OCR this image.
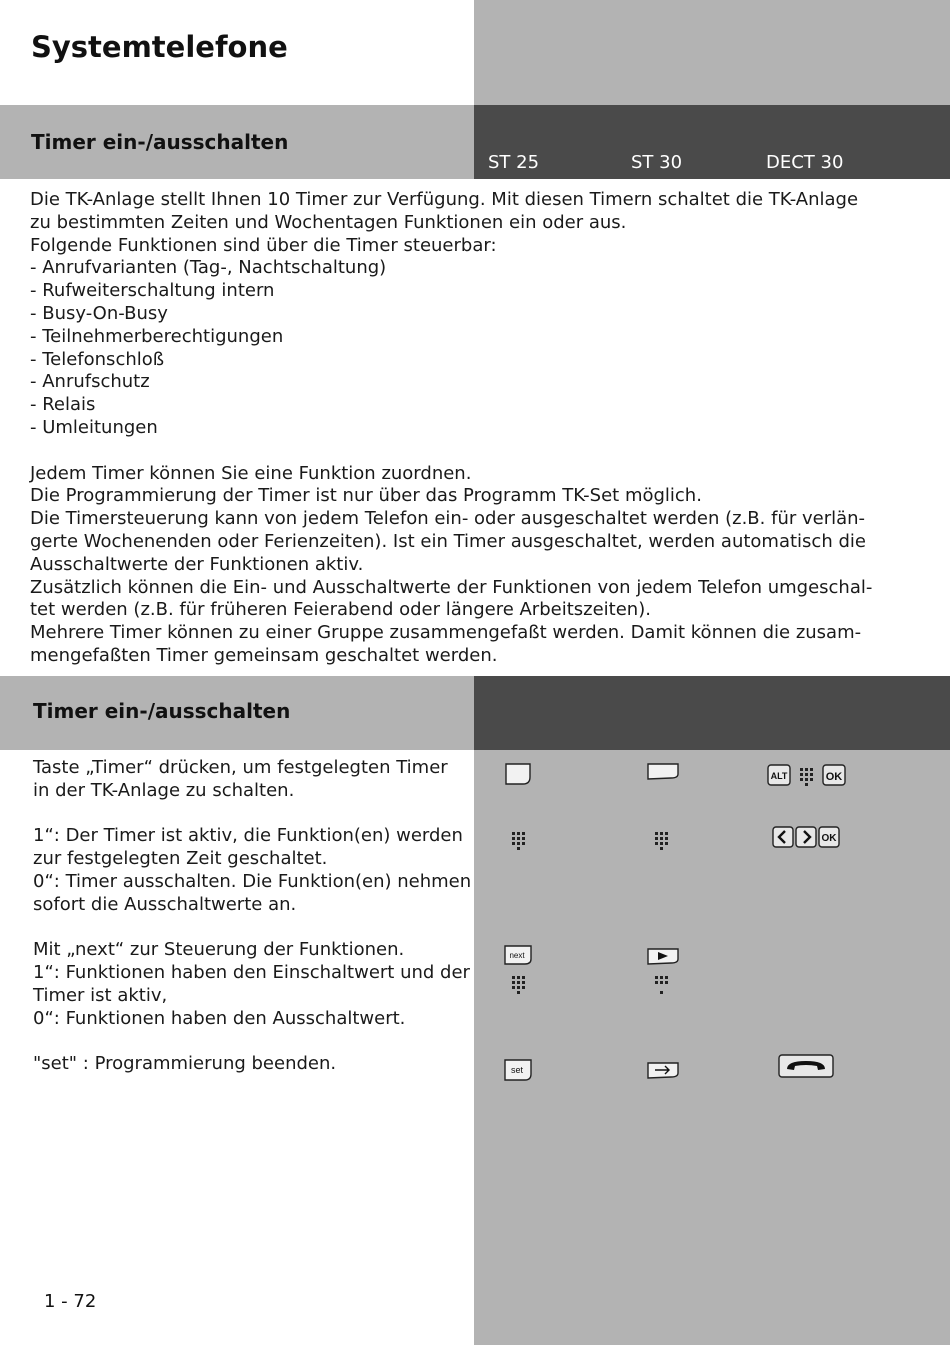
Systemtelefone
Timer ein-/ausschalten
ST 25	ST 30	DECT 30

Die TK-Anlage stellt Ihnen 10 Timer zur Verfügung. Mit diesen Timern schaltet die TK-Anlage

zu bestimmten Zeiten und Wochentagen Funktionen ein oder aus.

Folgende Funktionen sind über die Timer steuerbar:

- Anrufvarianten (Tag-, Nachtschaltung)

- Rufweiterschaltung intern

- Busy-On-Busy

- Teilnehmerberechtigungen

- Telefonschloß

- Anrufschutz

- Relais

- Umleitungen

Jedem Timer können Sie eine Funktion zuordnen.

Die Programmierung der Timer ist nur über das Programm TK-Set möglich.

Die Timersteuerung kann von jedem Telefon ein- oder ausgeschaltet werden (z.B. für verlän-

gerte Wochenenden oder Ferienzeiten). Ist ein Timer ausgeschaltet, werden automatisch die

Ausschaltwerte der Funktionen aktiv.

Zusätzlich können die Ein- und Ausschaltwerte der Funktionen von jedem Telefon umgeschal-

tet werden (z.B. für früheren Feierabend oder längere Arbeitszeiten).

Mehrere Timer können zu einer Gruppe zusammengefaßt werden. Damit können die zusam-

mengefaßten Timer gemeinsam geschaltet werden.

Timer ein-/ausschalten

Taste „Timer“ drücken, um festgelegten Timer

in der TK-Anlage zu schalten.

1“: Der Timer ist aktiv, die Funktion(en) werden

zur festgelegten Zeit geschaltet.

0“: Timer ausschalten. Die Funktion(en) nehmen

sofort die Ausschaltwerte an.

Mit „next“ zur Steuerung der Funktionen.

1“: Funktionen haben den Einschaltwert und der

Timer ist aktiv,

0“: Funktionen haben den Ausschaltwert.

"set" : Programmierung beenden.

ALT	OK
OK
next
set
1 - 72
